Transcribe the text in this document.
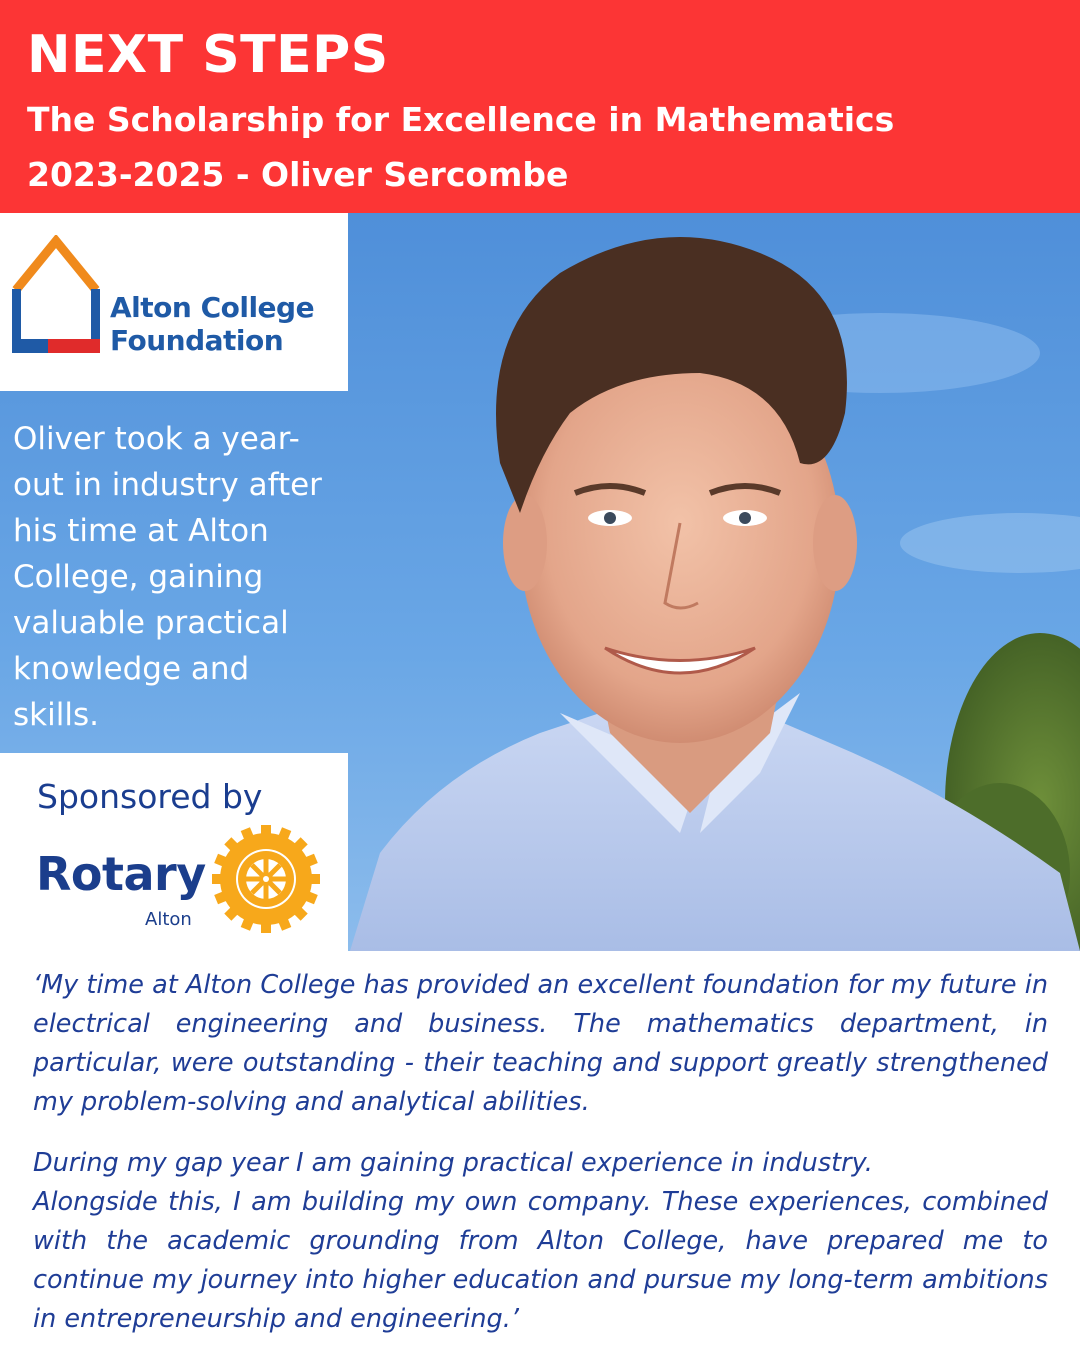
NEXT STEPS
The Scholarship for Excellence in Mathematics
2023-2025 - Oliver Sercombe
Alton College
Foundation
Oliver took a year-out in industry after his time at Alton College, gaining valuable practical knowledge and skills.
Sponsored by
Rotary
Alton

‘My time at Alton College has provided an excellent foundation for my future in electrical engineering and business. The mathematics department, in particular, were outstanding - their teaching and support greatly strengthened my problem-solving and analytical abilities.

During my gap year I am gaining practical experience in industry.
Alongside this, I am building my own company. These experiences, combined with the academic grounding from Alton College, have prepared me to continue my journey into higher education and pursue my long-term ambitions in entrepreneurship and engineering.’
